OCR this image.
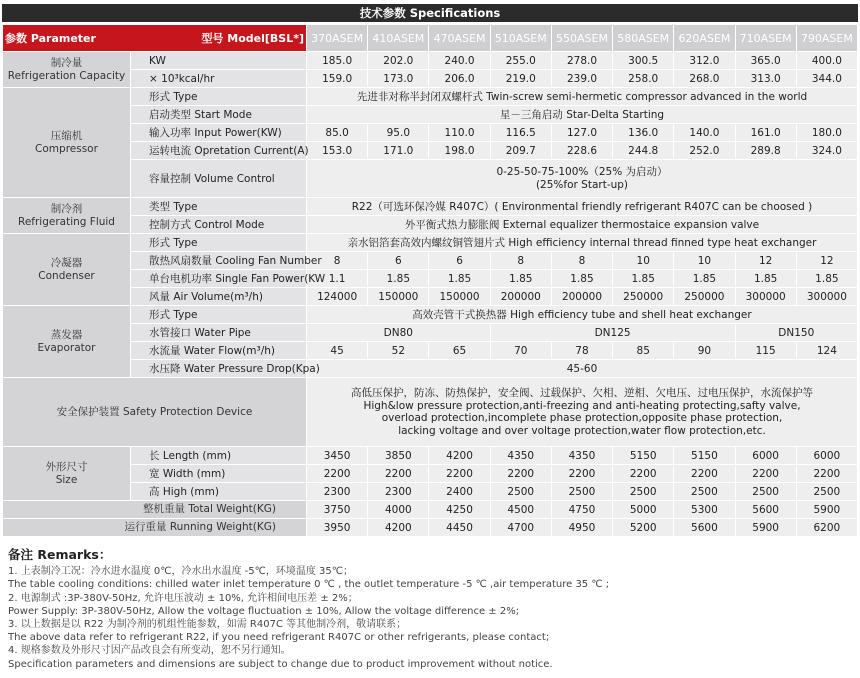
技术参数 Specifications
参数 Parameter 型号 Model[BSL*]		370ASEM	410ASEM	470ASEM	510ASEM	550ASEM	580ASEM	620ASEM	710ASEM	790ASEM

制冷量
Refrigeration Capacity	KW	185.0	202.0	240.0	255.0	278.0	300.5	312.0	365.0	400.0
	× 10³kcal/hr	159.0	173.0	206.0	219.0	239.0	258.0	268.0	313.0	344.0

压缩机
Compressor	形式 Type	先进非对称半封闭双螺杆式 Twin-screw semi-hermetic compressor advanced in the world								
	启动类型 Start Mode	星－三角启动 Star-Delta Starting								
	输入功率 Input Power(KW)	85.0	95.0	110.0	116.5	127.0	136.0	140.0	161.0	180.0
	运转电流 Opretation Current(A)	153.0	171.0	198.0	209.7	228.6	244.8	252.0	289.8	324.0
	容量控制 Volume Control	0-25-50-75-100%（25% 为启动）
(25%for Start-up)								

制冷剂
Refrigerating Fluid	类型 Type	R22（可选环保冷媒 R407C）( Environmental friendly refrigerant R407C can be choosed )								
	控制方式 Control Mode	外平衡式热力膨胀阀 External equalizer thermostaice expansion valve								

冷凝器
Condenser	形式 Type	亲水铝箔套高效内螺纹铜管翅片式 High efficiency internal thread finned type heat exchanger								
	散热风扇数量 Cooling Fan Number	8	6	6	8	8	10	10	12	12
	单台电机功率 Single Fan Power(KW	1.1	1.85	1.85	1.85	1.85	1.85	1.85	1.85	1.85
	风量 Air Volume(m³/h)	124000	150000	150000	200000	200000	250000	250000	300000	300000

蒸发器
Evaporator	形式 Type	高效壳管干式换热器 High efficiency tube and shell heat exchanger								
	水管接口 Water Pipe	DN80			DN125				DN150	
	水流量 Water Flow(m³/h)	45	52	65	70	78	85	90	115	124
	水压降 Water Pressure Drop(Kpa)	45-60								
安全保护装置 Safety Protection Device		高低压保护，防冻、防热保护，安全阀、过载保护、欠相、逆相、欠电压、过电压保护，水流保护等
High&low pressure protection,anti-freezing and anti-heating protecting,safty valve,
overload protection,incomplete phase protection,opposite phase protection,
lacking voltage and over voltage protection,water flow protection,etc.								

外形尺寸
Size	长 Length (mm)	3450	3850	4200	4350	4350	5150	5150	6000	6000
	宽 Width (mm)	2200	2200	2200	2200	2200	2200	2200	2200	2200
	高 High (mm)	2300	2300	2400	2500	2500	2500	2500	2500	2500
整机重量 Total Weight(KG)		3750	4000	4250	4500	4750	5000	5300	5600	5900
运行重量 Running Weight(KG)		3950	4200	4450	4700	4950	5200	5600	5900	6200
备注 Remarks：
1. 上表制冷工况：冷水进水温度 0℃，冷水出水温度 -5℃，环境温度 35℃；
The table cooling conditions: chilled water inlet temperature 0 ℃ , the outlet temperature -5 ℃ ,air temperature 35 ℃ ;
2. 电源制式 :3P-380V-50Hz, 允许电压波动 ± 10%, 允许相间电压差 ± 2%；
Power Supply: 3P-380V-50Hz, Allow the voltage fluctuation ± 10%, Allow the voltage difference ± 2%;
3. 以上数据是以 R22 为制冷剂的机组性能参数，如需 R407C 等其他制冷剂，敬请联系；
The above data refer to refrigerant R22, if you need refrigerant R407C or other refrigerants, please contact;
4. 规格参数及外形尺寸因产品改良会有所变动，恕不另行通知。
Specification parameters and dimensions are subject to change due to product improvement without notice.
